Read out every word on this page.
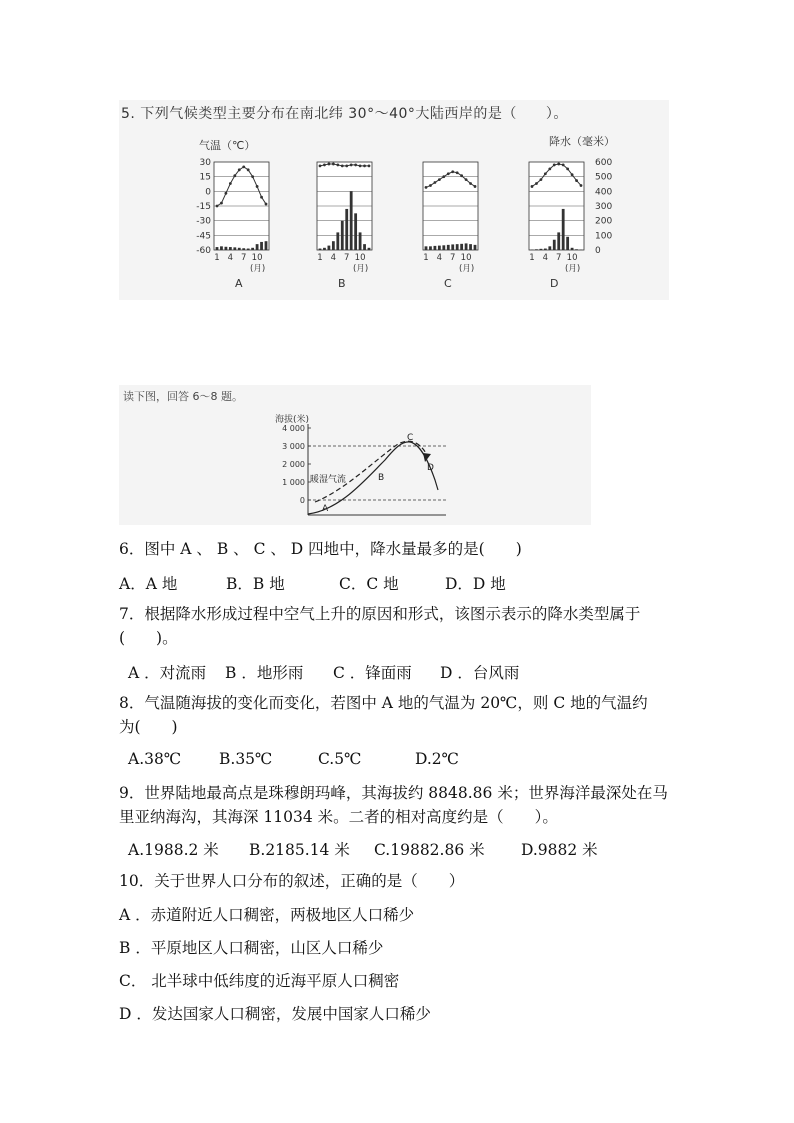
5. 下列气候类型主要分布在南北纬 30°～40°大陆西岸的是（　　）。
气温（℃）	降水（毫米）
30
15
0
-15
-30
-45
-60
600
500
400
300
200
100
0
1 4 7 10
(月)
A
1 4 7 10
(月)
B
1 4 7 10
(月)
C
1 4 7 10
(月)
D
读下图，回答 6～8 题。
海拔(米)
4 000
3 000
2 000
1 000
0
暖湿气流
A
B
C
D
6．图中 A 、 B 、 C 、 D 四地中，降水量最多的是(　　)
A．A 地	B．B 地	C．C 地	D．D 地
7．根据降水形成过程中空气上升的原因和形式，该图示表示的降水类型属于
(　　)。
A ．对流雨 B ．地形雨 C ．锋面雨 D ．台风雨
8．气温随海拔的变化而变化，若图中 A 地的气温为 20℃，则 C 地的气温约
为(　　)
A.38℃ B.35℃	C.5℃	D.2℃
9．世界陆地最高点是珠穆朗玛峰，其海拔约 8848.86 米；世界海洋最深处在马
里亚纳海沟，其海深 11034 米。二者的相对高度约是（　　）。
A.1988.2 米 B.2185.14 米 C.19882.86 米 D.9882 米
10．关于世界人口分布的叙述，正确的是（　　）
A ．赤道附近人口稠密，两极地区人口稀少
B ．平原地区人口稠密，山区人口稀少
C． 北半球中低纬度的近海平原人口稠密
D ．发达国家人口稠密，发展中国家人口稀少
